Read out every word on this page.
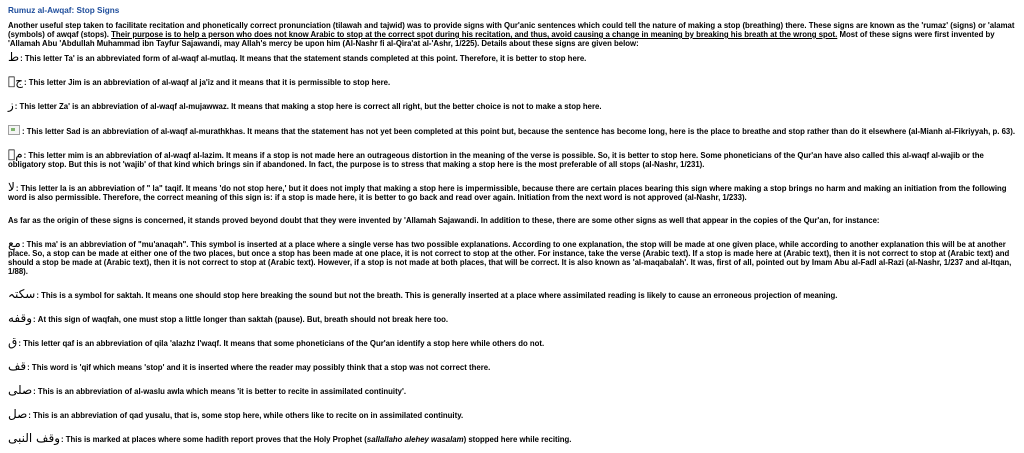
Rumuz al-Awqaf: Stop Signs

Another useful step taken to facilitate recitation and phonetically correct pronunciation (tilawah and tajwid) was to provide signs with Qur'anic sentences which could tell the nature of making a stop (breathing) there. These signs are known as the 'rumaz' (signs) or 'alamat (symbols) of awqaf (stops). Their purpose is to help a person who does not know Arabic to stop at the correct spot during his recitation, and thus, avoid causing a change in meaning by breaking his breath at the wrong spot. Most of these signs were first invented by 'Allamah Abu 'Abdullah Muhammad ibn Tayfur Sajawandi, may Allah's mercy be upon him (Al-Nashr fi al-Qira'at al-'Ashr, 1/225). Details about these signs are given below:

ط: This letter Ta' is an abbreviated form of al-waqf al-mutlaq. It means that the statement stands completed at this point. Therefore, it is better to stop here.

جؔ: This letter Jim is an abbreviation of al-waqf al ja'iz and it means that it is permissible to stop here.

ز: This letter Za' is an abbreviation of al-waqf al-mujawwaz. It means that making a stop here is correct all right, but the better choice is not to make a stop here.

: This letter Sad is an abbreviation of al-waqf al-murathkhas. It means that the statement has not yet been completed at this point but, because the sentence has become long, here is the place to breathe and stop rather than do it elsewhere (al-Mianh al-Fikriyyah, p. 63).

مؔ: This letter mim is an abbreviation of al-waqf al-lazim. It means if a stop is not made here an outrageous distortion in the meaning of the verse is possible. So, it is better to stop here. Some phoneticians of the Qur'an have also called this al-waqf al-wajib or the obligatory stop. But this is not 'wajib' of that kind which brings sin if abandoned. In fact, the purpose is to stress that making a stop here is the most preferable of all stops (al-Nashr, 1/231).

لا: This letter la is an abbreviation of " la" taqif. It means 'do not stop here,' but it does not imply that making a stop here is impermissible, because there are certain places bearing this sign where making a stop brings no harm and making an initiation from the following word is also permissible. Therefore, the correct meaning of this sign is: if a stop is made here, it is better to go back and read over again. Initiation from the next word is not approved (al-Nashr, 1/233).

As far as the origin of these signs is concerned, it stands proved beyond doubt that they were invented by 'Allamah Sajawandi. In addition to these, there are some other signs as well that appear in the copies of the Qur'an, for instance:

مع: This ma' is an abbreviation of "mu'anaqah". This symbol is inserted at a place where a single verse has two possible explanations. According to one explanation, the stop will be made at one given place, while according to another explanation this will be at another place. So, a stop can be made at either one of the two places, but once a stop has been made at one place, it is not correct to stop at the other. For instance, take the verse (Arabic text). If a stop is made here at (Arabic text), then it is not correct to stop at (Arabic text) and should a stop be made at (Arabic text), then it is not correct to stop at (Arabic text). However, if a stop is not made at both places, that will be correct. It is also known as 'al-maqabalah'. It was, first of all, pointed out by Imam Abu al-Fadl al-Razi (al-Nashr, 1/237 and al-Itqan, 1/88).

سکتہ: This is a symbol for saktah. It means one should stop here breaking the sound but not the breath. This is generally inserted at a place where assimilated reading is likely to cause an erroneous projection of meaning.

وقفه: At this sign of waqfah, one must stop a little longer than saktah (pause). But, breath should not break here too.

ق: This letter qaf is an abbreviation of qila 'alazhz l'waqf. It means that some phoneticians of the Qur'an identify a stop here while others do not.

قف: This word is 'qif which means 'stop' and it is inserted where the reader may possibly think that a stop was not correct there.

صلى: This is an abbreviation of al-waslu awla which means 'it is better to recite in assimilated continuity'.

صل: This is an abbreviation of qad yusalu, that is, some stop here, while others like to recite on in assimilated continuity.

وقف النبى: This is marked at places where some hadith report proves that the Holy Prophet (sallallaho alehey wasalam) stopped here while reciting.
